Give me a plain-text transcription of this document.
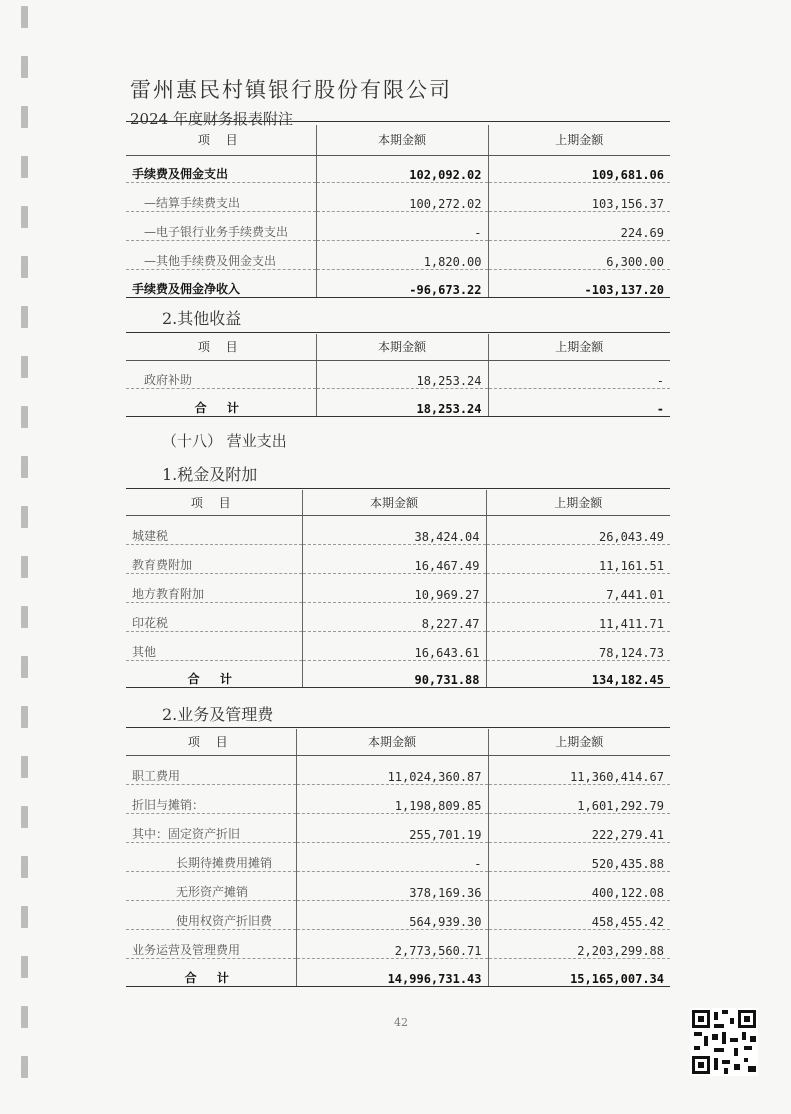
雷州惠民村镇银行股份有限公司
2024 年度财务报表附注
项 目	本期金额	上期金额
手续费及佣金支出	102,092.02	109,681.06
—结算手续费支出	100,272.02	103,156.37
—电子银行业务手续费支出	-	224.69
—其他手续费及佣金支出	1,820.00	6,300.00
手续费及佣金净收入	-96,673.22	-103,137.20
2.其他收益
项 目	本期金额	上期金额
政府补助	18,253.24	-
合 计	18,253.24	-
（十八） 营业支出
1.税金及附加
项 目	本期金额	上期金额
城建税	38,424.04	26,043.49
教育费附加	16,467.49	11,161.51
地方教育附加	10,969.27	7,441.01
印花税	8,227.47	11,411.71
其他	16,643.61	78,124.73
合 计	90,731.88	134,182.45
2.业务及管理费
项 目	本期金额	上期金额
职工费用	11,024,360.87	11,360,414.67
折旧与摊销：	1,198,809.85	1,601,292.79
其中：固定资产折旧	255,701.19	222,279.41
长期待摊费用摊销	-	520,435.88
无形资产摊销	378,169.36	400,122.08
使用权资产折旧费	564,939.30	458,455.42
业务运营及管理费用	2,773,560.71	2,203,299.88
合 计	14,996,731.43	15,165,007.34
42
